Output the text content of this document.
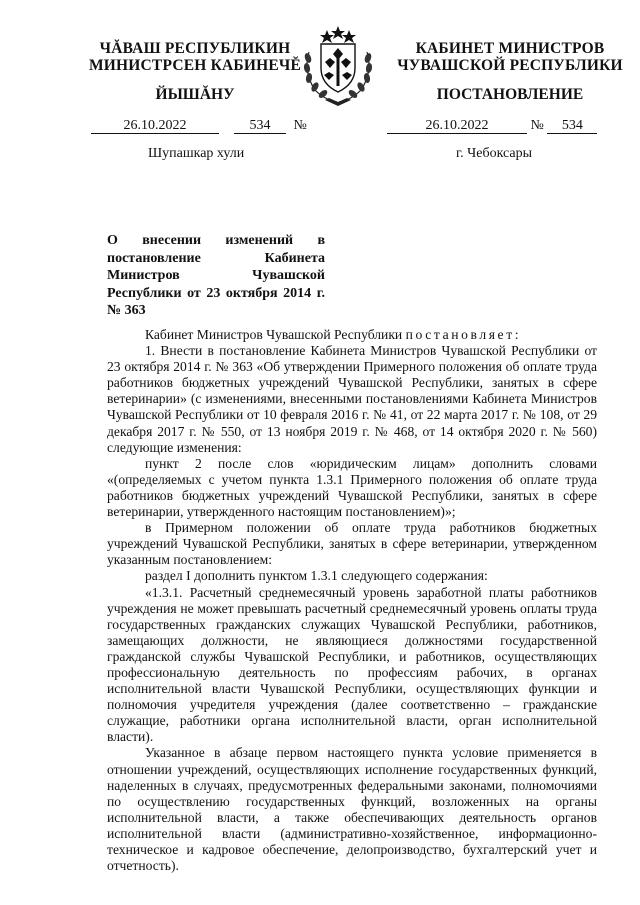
ЧĂВАШ РЕСПУБЛИКИН
МИНИСТРСЕН КАБИНЕЧĔ
ЙЫШĂНУ
КАБИНЕТ МИНИСТРОВ
ЧУВАШСКОЙ РЕСПУБЛИКИ
ПОСТАНОВЛЕНИЕ
26.10.2022	534 №	26.10.2022	№ 534
Шупашкар хули	г. Чебоксары
О внесении изменений в постановление Кабинета Министров Чувашской Республики от 23 октября 2014 г. № 363

Кабинет Министров Чувашской Республики постановляет:

1. Внести в постановление Кабинета Министров Чувашской Республики от 23 октября 2014 г. № 363 «Об утверждении Примерного положения об оплате труда работников бюджетных учреждений Чувашской Республики, занятых в сфере ветеринарии» (с изменениями, внесенными постановлениями Кабинета Министров Чувашской Республики от 10 февраля 2016 г. № 41, от 22 марта 2017 г. № 108, от 29 декабря 2017 г. № 550, от 13 ноября 2019 г. № 468, от 14 октября 2020 г. № 560) следующие изменения:

пункт 2 после слов «юридическим лицам» дополнить словами «(определяемых с учетом пункта 1.3.1 Примерного положения об оплате труда работников бюджетных учреждений Чувашской Республики, занятых в сфере ветеринарии, утвержденного настоящим постановлением)»;

в Примерном положении об оплате труда работников бюджетных учреждений Чувашской Республики, занятых в сфере ветеринарии, утвержденном указанным постановлением:

раздел I дополнить пунктом 1.3.1 следующего содержания:

«1.3.1. Расчетный среднемесячный уровень заработной платы работников учреждения не может превышать расчетный среднемесячный уровень оплаты труда государственных гражданских служащих Чувашской Республики, работников, замещающих должности, не являющиеся должностями государственной гражданской службы Чувашской Республики, и работников, осуществляющих профессиональную деятельность по профессиям рабочих, в органах исполнительной власти Чувашской Республики, осуществляющих функции и полномочия учредителя учреждения (далее соответственно – гражданские служащие, работники органа исполнительной власти, орган исполнительной власти).

Указанное в абзаце первом настоящего пункта условие применяется в отношении учреждений, осуществляющих исполнение государственных функций, наделенных в случаях, предусмотренных федеральными законами, полномочиями по осуществлению государственных функций, возложенных на органы исполнительной власти, а также обеспечивающих деятельность органов исполнительной власти (административно-хозяйственное, информационно-техническое и кадровое обеспечение, делопроизводство, бухгалтерский учет и отчетность).
